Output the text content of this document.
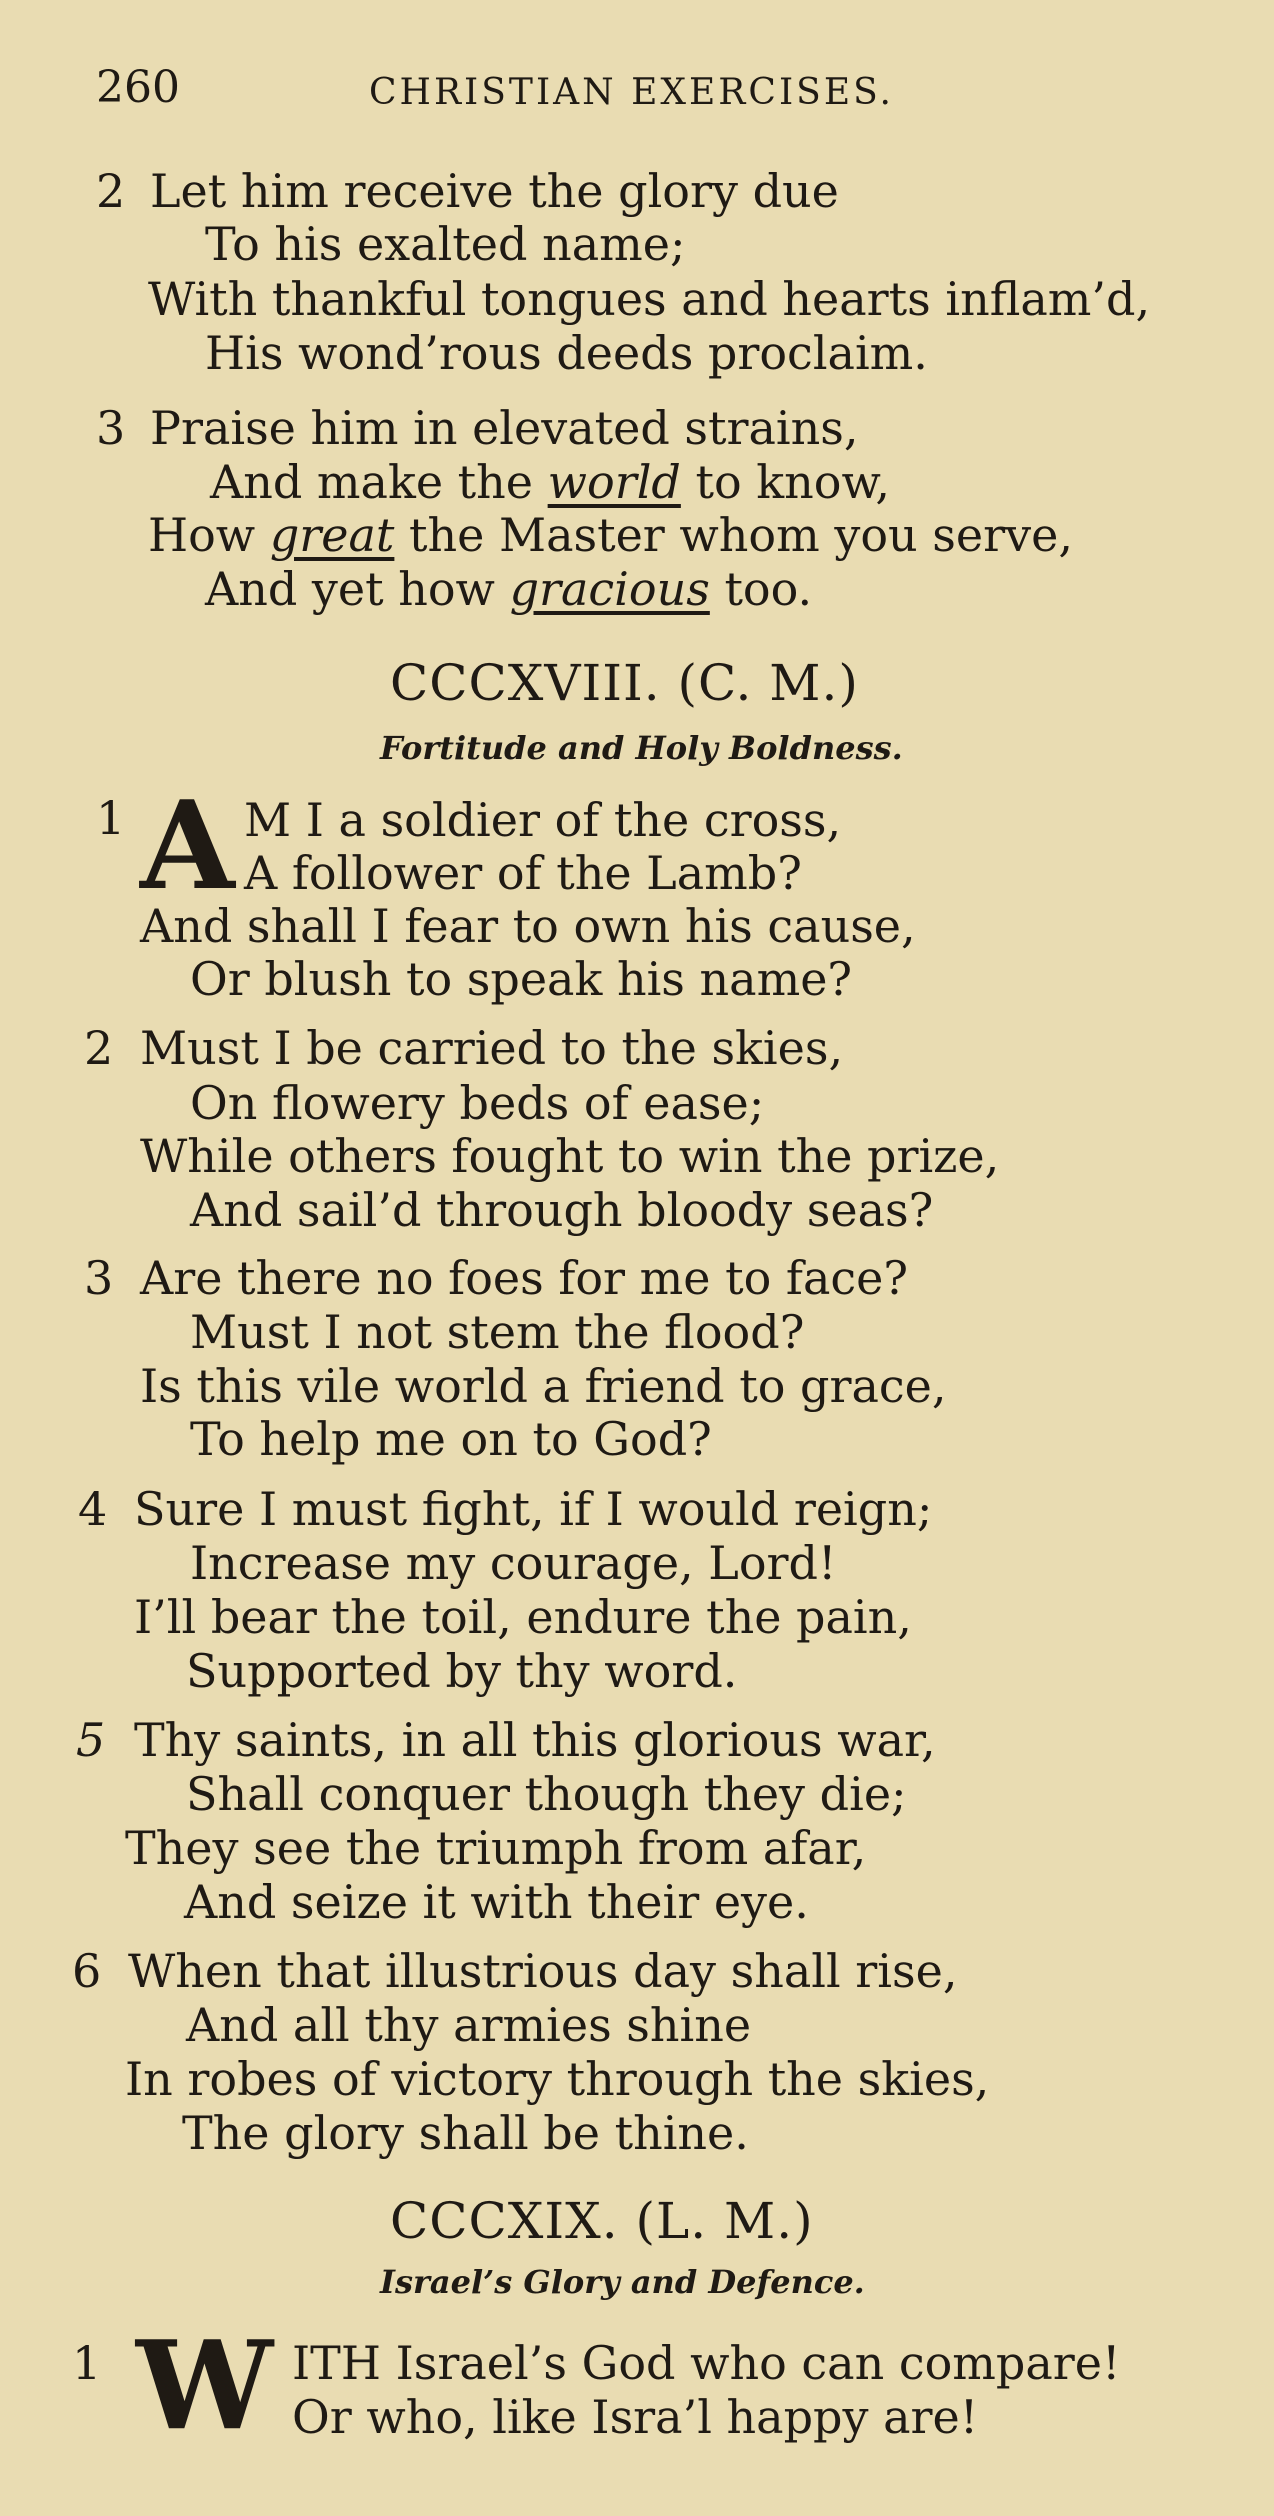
260	CHRISTIAN EXERCISES.
2 Let him receive the glory due
To his exalted name;
With thankful tongues and hearts inflam’d,
His wond’rous deeds proclaim.
3 Praise him in elevated strains,
And make the world to know,
How great the Master whom you serve,
And yet how gracious too.
CCCXVIII. (C. M.)
Fortitude and Holy Boldness.
1 A M I a soldier of the cross,
A follower of the Lamb?
And shall I fear to own his cause,
Or blush to speak his name?
2 Must I be carried to the skies,
On flowery beds of ease;
While others fought to win the prize,
And sail’d through bloody seas?
3 Are there no foes for me to face?
Must I not stem the flood?
Is this vile world a friend to grace,
To help me on to God?
4 Sure I must fight, if I would reign;
Increase my courage, Lord!
I’ll bear the toil, endure the pain,
Supported by thy word.
5 Thy saints, in all this glorious war,
Shall conquer though they die;
They see the triumph from afar,
And seize it with their eye.
6 When that illustrious day shall rise,
And all thy armies shine
In robes of victory through the skies,
The glory shall be thine.
CCCXIX. (L. M.)
Israel’s Glory and Defence.
1 W ITH Israel’s God who can compare!
Or who, like Isra’l happy are!
